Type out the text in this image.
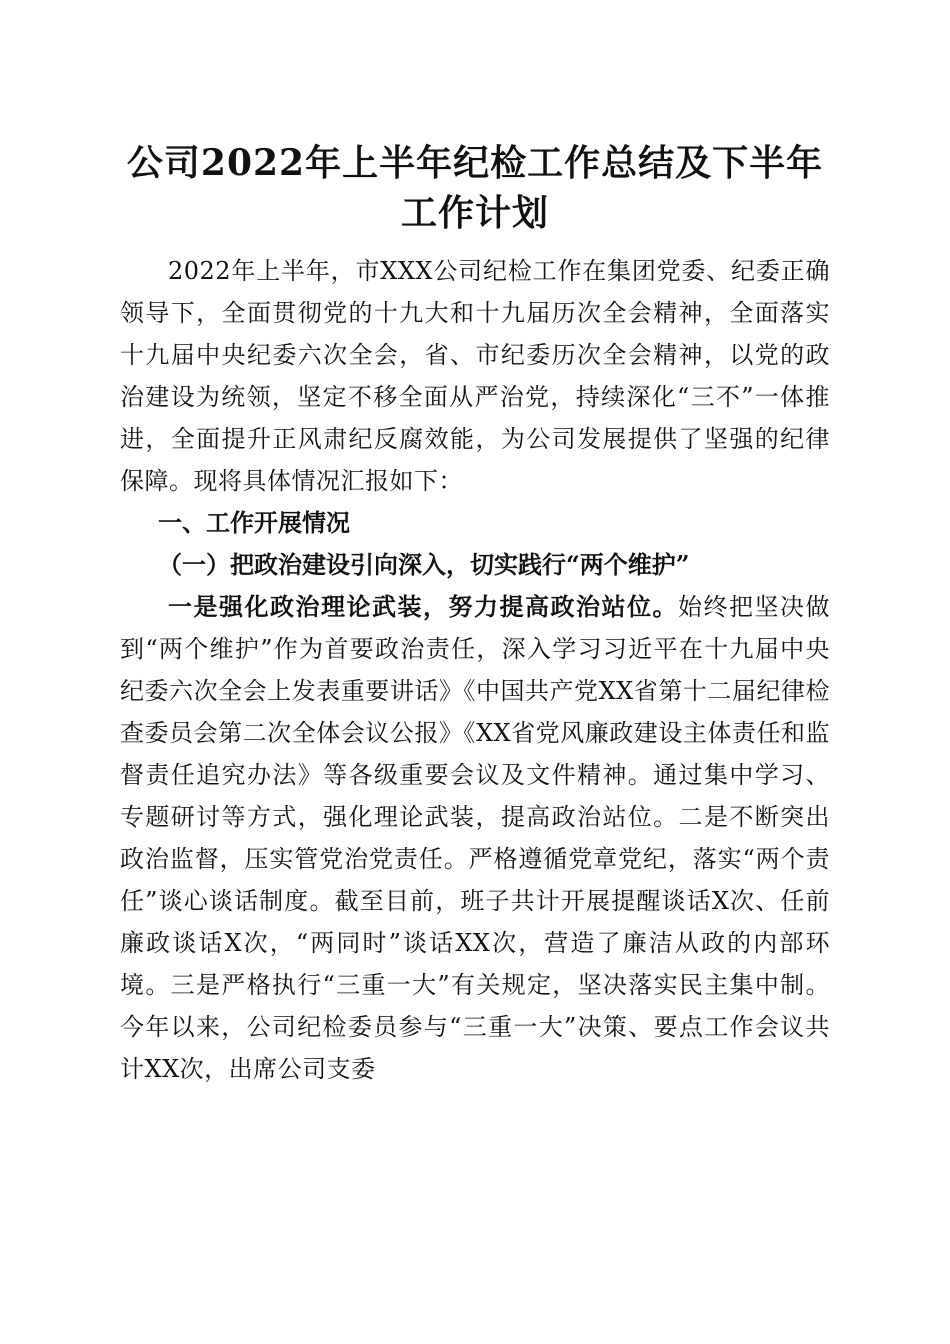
公司2022年上半年纪检工作总结及下半年工作计划

2022年上半年，市XXX公司纪检工作在集团党委、纪委正确领导下，全面贯彻党的十九大和十九届历次全会精神，全面落实十九届中央纪委六次全会，省、市纪委历次全会精神，以党的政治建设为统领，坚定不移全面从严治党，持续深化“三不”一体推进，全面提升正风肃纪反腐效能，为公司发展提供了坚强的纪律保障。现将具体情况汇报如下：

一、工作开展情况

（一）把政治建设引向深入，切实践行“两个维护”

一是强化政治理论武装，努力提高政治站位。始终把坚决做到“两个维护”作为首要政治责任，深入学习习近平在十九届中央纪委六次全会上发表重要讲话》《中国共产党XX省第十二届纪律检查委员会第二次全体会议公报》《XX省党风廉政建设主体责任和监督责任追究办法》等各级重要会议及文件精神。通过集中学习、专题研讨等方式，强化理论武装，提高政治站位。二是不断突出政治监督，压实管党治党责任。严格遵循党章党纪，落实“两个责任”谈心谈话制度。截至目前，班子共计开展提醒谈话X次、任前廉政谈话X次，“两同时”谈话XX次，营造了廉洁从政的内部环境。三是严格执行“三重一大”有关规定，坚决落实民主集中制。今年以来，公司纪检委员参与“三重一大”决策、要点工作会议共计XX次，出席公司支委
